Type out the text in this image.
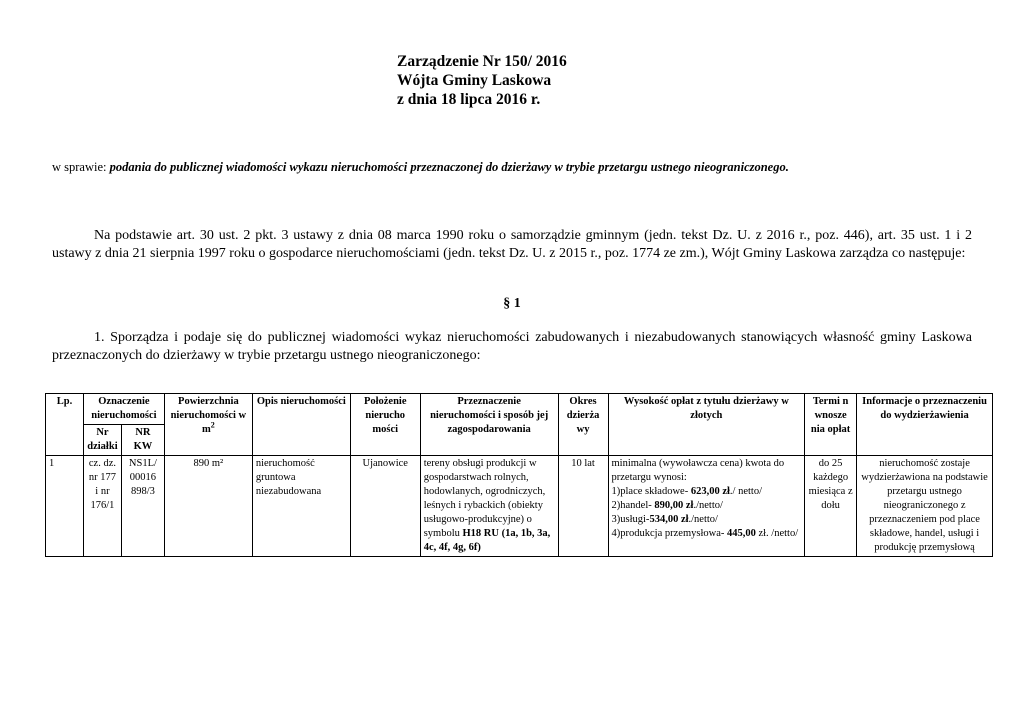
Zarządzenie Nr 150/ 2016
Wójta Gminy Laskowa
z dnia 18 lipca 2016 r.
w sprawie: podania do publicznej wiadomości wykazu nieruchomości przeznaczonej do dzierżawy w trybie przetargu ustnego nieograniczonego.
Na podstawie art. 30 ust. 2 pkt. 3 ustawy z dnia 08 marca 1990 roku o samorządzie gminnym (jedn. tekst Dz. U. z 2016 r., poz. 446), art. 35 ust. 1 i 2 ustawy z dnia 21 sierpnia 1997 roku o gospodarce nieruchomościami (jedn. tekst Dz. U. z 2015 r., poz. 1774 ze zm.), Wójt Gminy Laskowa zarządza co następuje:
§ 1
1. Sporządza i podaje się do publicznej wiadomości wykaz nieruchomości zabudowanych i niezabudowanych stanowiących własność gminy Laskowa przeznaczonych do dzierżawy w trybie przetargu ustnego nieograniczonego:
Lp.	Oznaczenie nieruchomości		Powierzchnia nieruchomości w $m^2$	Opis nieruchomości	Położenie nierucho mości	Przeznaczenie nieruchomości i sposób jej zagospodarowania	Okres dzierża wy	Wysokość opłat z tytułu dzierżawy w złotych	Termi n wnosze nia opłat	Informacje o przeznaczeniu do wydzierżawienia
	Nr działki	NR KW								
1	cz. dz. nr 177 i nr 176/1	NS1L/ 00016 898/3	890 m²	nieruchomość gruntowa niezabudowana	Ujanowice	tereny obsługi produkcji w gospodarstwach rolnych, hodowlanych, ogrodniczych, leśnych i rybackich (obiekty usługowo-produkcyjne) o symbolu H18 RU (1a, 1b, 3a, 4c, 4f, 4g, 6f)	10 lat	minimalna (wywoławcza cena) kwota do przetargu wynosi:
1)place składowe- 623,00 zł./ netto/
2)handel- 890,00 zł./netto/
3)usługi-534,00 zł./netto/
4)produkcja przemysłowa- 445,00 zł. /netto/	do 25 każdego miesiąca z dołu	nieruchomość zostaje wydzierżawiona na podstawie przetargu ustnego nieograniczonego z przeznaczeniem pod place składowe, handel, usługi i produkcję przemysłową
